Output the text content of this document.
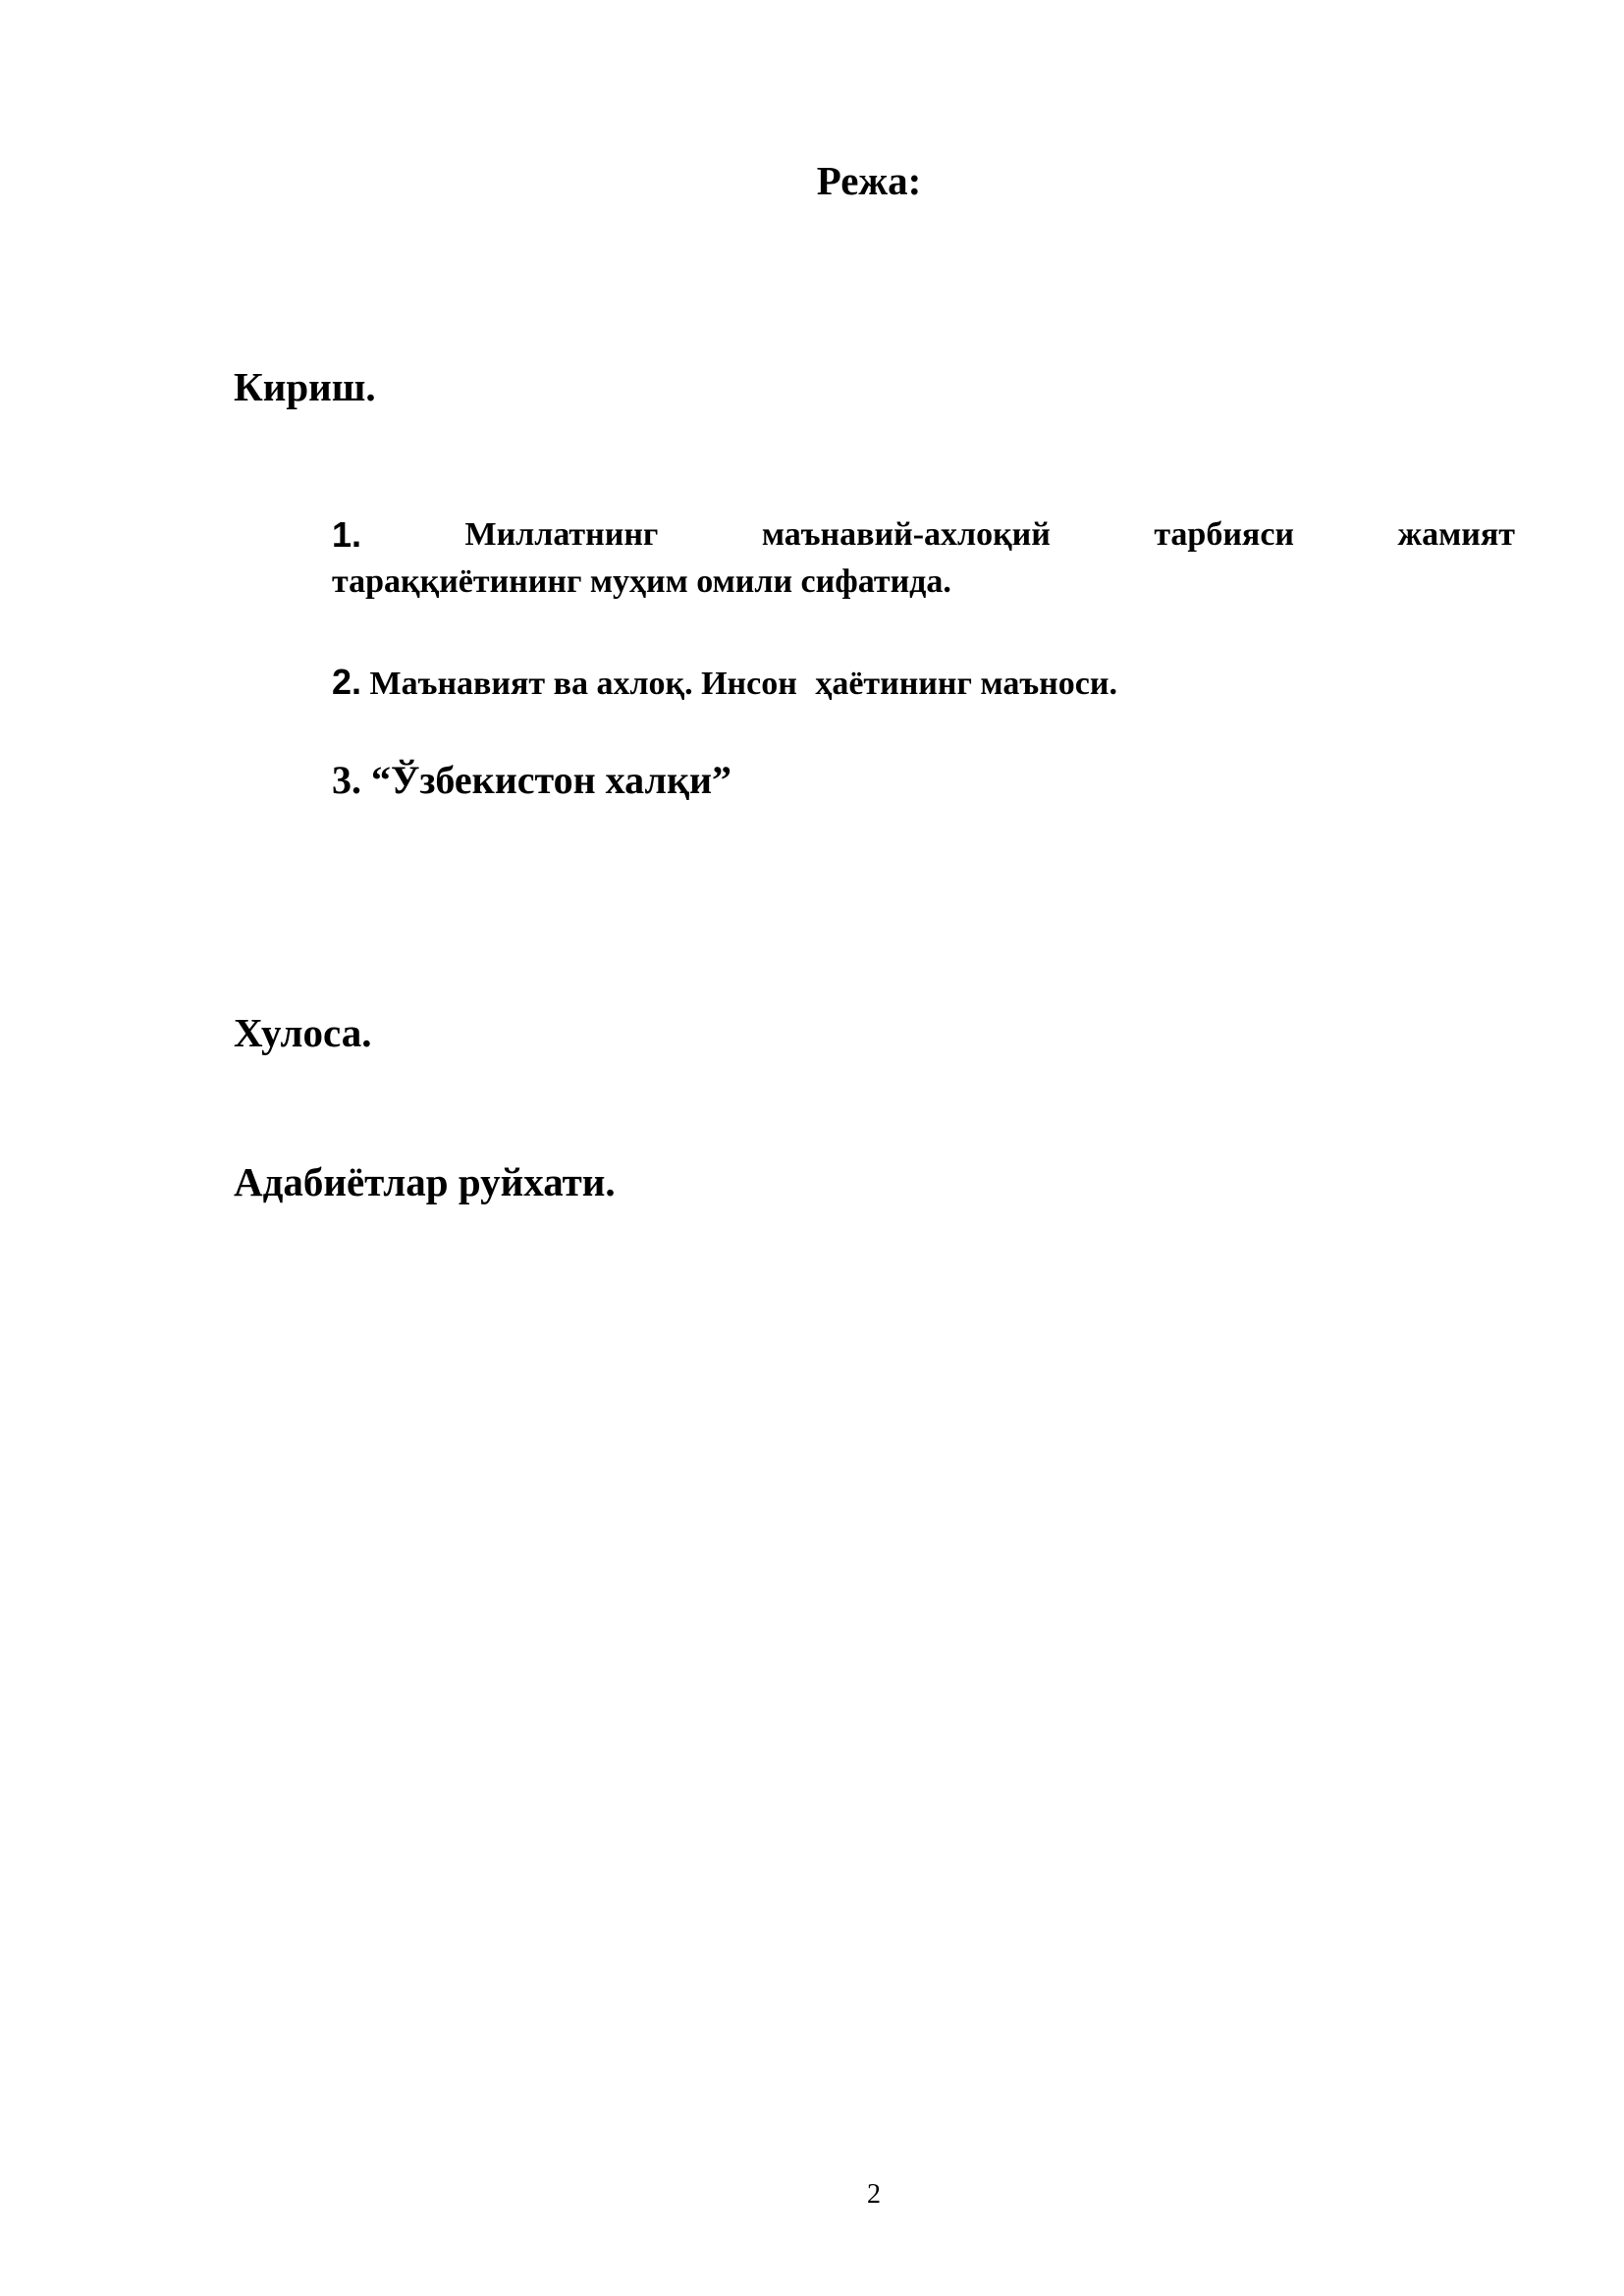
Режа:
Кириш.
1.	Миллатнинг	маънавий-ахлоқий	тарбияси	жамият
тараққиётининг муҳим омили сифатида.
2. Маънавият ва ахлоқ. Инсон ҳаётининг маъноси.
3. “Ўзбекистон халқи”
Хулоса.
Адабиётлар руйхати.
2
